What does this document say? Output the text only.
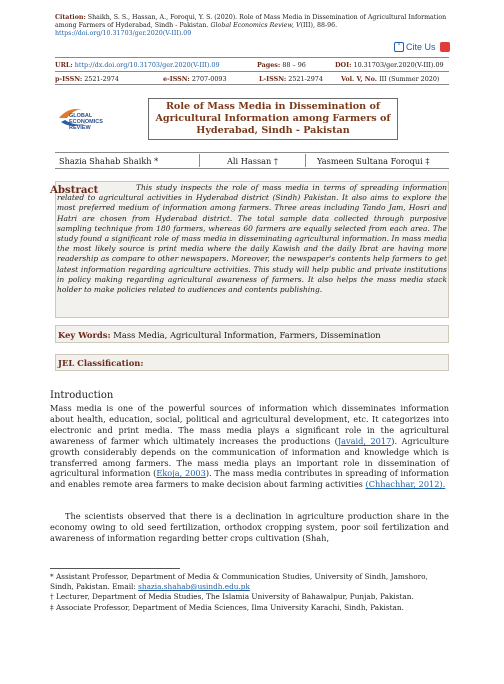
Citation: Shaikh, S. S., Hassan, A., Foroqui, Y. S. (2020). Role of Mass Media in Dissemination of Agricultural Information among Farmers of Hyderabad, Sindh - Pakistan. Global Economics Review, V(III), 88-96.
https://doi.org/10.31703/ger.2020(V-III).09
“ Cite Us
URL: http://dx.doi.org/10.31703/ger.2020(V-III).09	Pages: 88 – 96	DOI: 10.31703/ger.2020(V-III).09
p-ISSN: 2521-2974	e-ISSN: 2707-0093	L-ISSN: 2521-2974	Vol. V, No. III (Summer 2020)
GLOBAL
ECONOMICS
REVIEW
Role of Mass Media in Dissemination of Agricultural Information among Farmers of Hyderabad, Sindh - Pakistan
Shazia Shahab Shaikh *	Ali Hassan †	Yasmeen Sultana Foroqui ‡
Abstract	This study inspects the role of mass media in terms of spreading information related to agricultural activities in Hyderabad district (Sindh) Pakistan. It also aims to explore the most preferred medium of information among farmers. Three areas including Tando Jam, Hosri and Hatri are chosen from Hyderabad district. The total sample data collected through purposive sampling technique from 180 farmers, whereas 60 farmers are equally selected from each area. The study found a significant role of mass media in disseminating agricultural information. In mass media the most likely source is print media where the daily Kawish and the daily Ibrat are having more readership as compare to other newspapers. Moreover, the newspaper's contents help farmers to get latest information regarding agriculture activities. This study will help public and private institutions in policy making regarding agricultural awareness of farmers. It also helps the mass media stack holder to make policies related to audiences and contents publishing.
Key Words: Mass Media, Agricultural Information, Farmers, Dissemination
JEL Classification:
Introduction
Mass media is one of the powerful sources of information which disseminates information about health, education, social, political and agricultural development, etc. It categorizes into electronic and print media. The mass media plays a significant role in the agricultural awareness of farmer which ultimately increases the productions (Javaid, 2017). Agriculture growth considerably depends on the communication of information and knowledge which is transferred among farmers. The mass media plays an important role in dissemination of agricultural information (Ekoja, 2003). The mass media contributes in spreading of information and enables remote area farmers to make decision about farming activities (Chhachhar, 2012).
The scientists observed that there is a declination in agriculture production share in the economy owing to old seed fertilization, orthodox cropping system, poor soil fertilization and awareness of information regarding better crops cultivation (Shah,
* Assistant Professor, Department of Media & Communication Studies, University of Sindh, Jamshoro, Sindh, Pakistan. Email: shazia.shahab@usindh.edu.pk
† Lecturer, Department of Media Studies, The Islamia University of Bahawalpur, Punjab, Pakistan.
‡ Associate Professor, Department of Media Sciences, Ilma University Karachi, Sindh, Pakistan.
